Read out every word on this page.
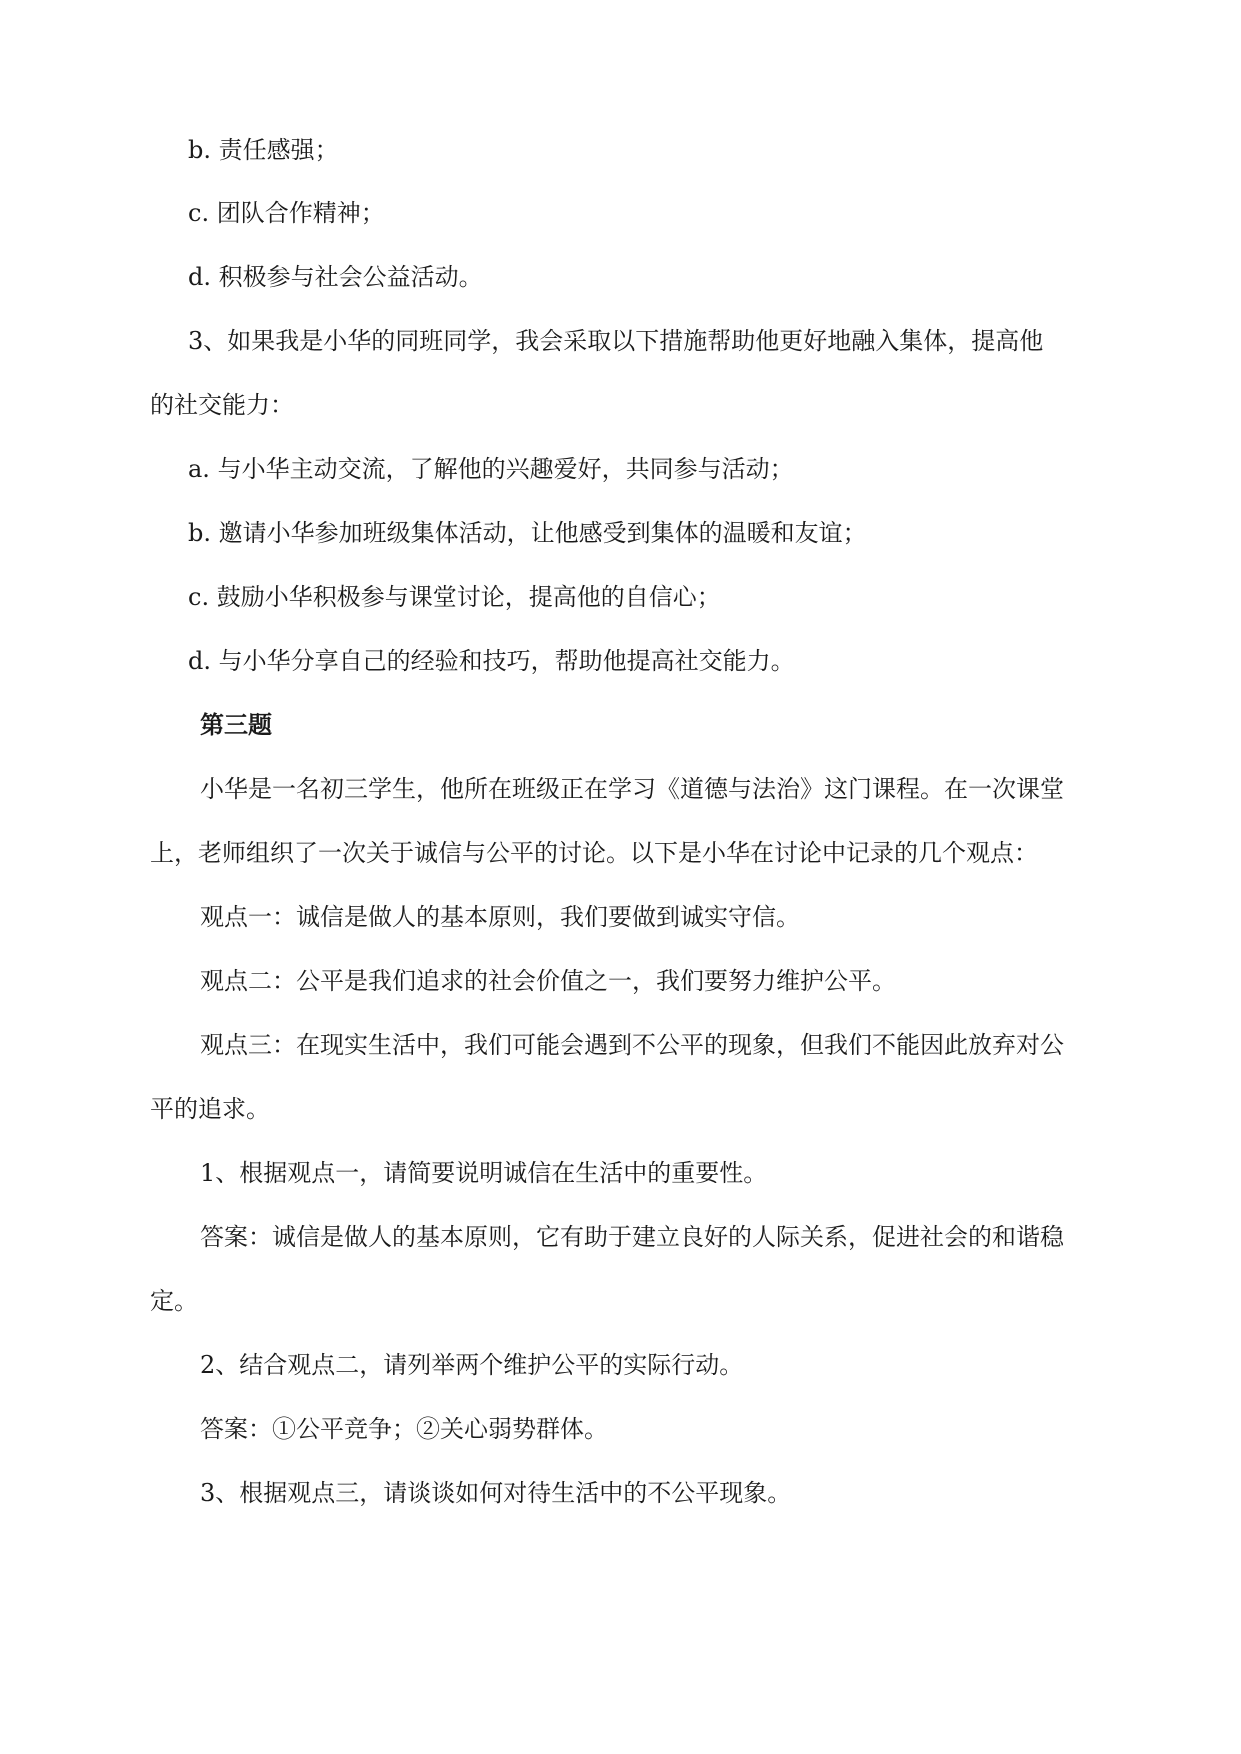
b. 责任感强；
c. 团队合作精神；
d. 积极参与社会公益活动。
3、如果我是小华的同班同学，我会采取以下措施帮助他更好地融入集体，提高他
的社交能力：
a. 与小华主动交流，了解他的兴趣爱好，共同参与活动；
b. 邀请小华参加班级集体活动，让他感受到集体的温暖和友谊；
c. 鼓励小华积极参与课堂讨论，提高他的自信心；
d. 与小华分享自己的经验和技巧，帮助他提高社交能力。
第三题
小华是一名初三学生，他所在班级正在学习《道德与法治》这门课程。在一次课堂
上，老师组织了一次关于诚信与公平的讨论。以下是小华在讨论中记录的几个观点：
观点一：诚信是做人的基本原则，我们要做到诚实守信。
观点二：公平是我们追求的社会价值之一，我们要努力维护公平。
观点三：在现实生活中，我们可能会遇到不公平的现象，但我们不能因此放弃对公
平的追求。
1、根据观点一，请简要说明诚信在生活中的重要性。
答案：诚信是做人的基本原则，它有助于建立良好的人际关系，促进社会的和谐稳
定。
2、结合观点二，请列举两个维护公平的实际行动。
答案：①公平竞争；②关心弱势群体。
3、根据观点三，请谈谈如何对待生活中的不公平现象。
